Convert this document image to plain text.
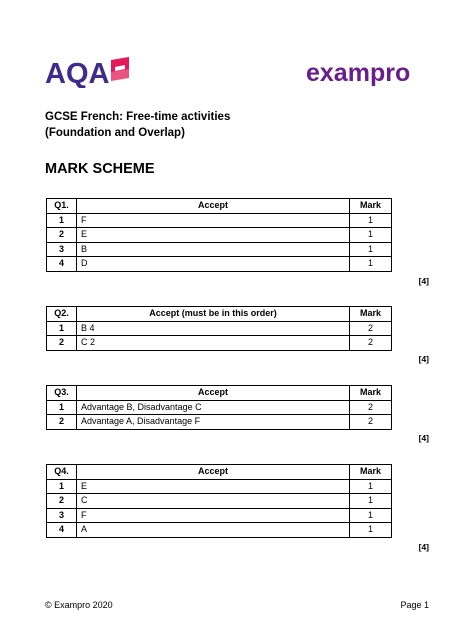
AQA	exampro
GCSE French: Free-time activities
(Foundation and Overlap)
MARK SCHEME
Q1.	Accept	Mark
1	F	1
2	E	1
3	B	1
4	D	1
[4]
Q2.	Accept (must be in this order)	Mark
1	B 4	2
2	C 2	2
[4]
Q3.	Accept	Mark
1	Advantage B, Disadvantage C	2
2	Advantage A, Disadvantage F	2
[4]
Q4.	Accept	Mark
1	E	1
2	C	1
3	F	1
4	A	1
[4]
© Exampro 2020	Page 1
